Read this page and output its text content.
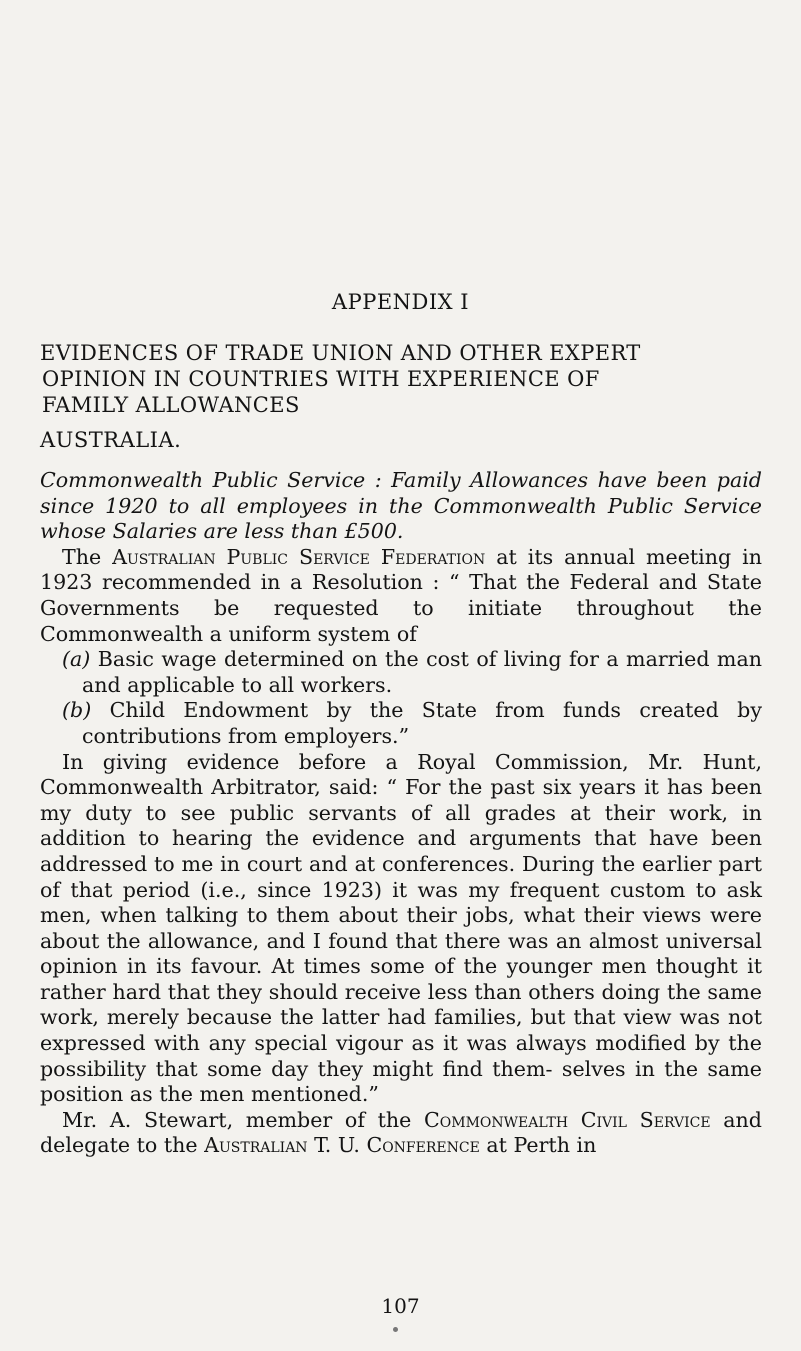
APPENDIX I
EVIDENCES OF TRADE UNION AND OTHER EXPERT
OPINION IN COUNTRIES WITH EXPERIENCE OF
FAMILY ALLOWANCES
AUSTRALIA.

Commonwealth Public Service : Family Allowances have been paid since 1920 to all employees in the Commonwealth Public Service whose Salaries are less than £500.

The Australian Public Service Federation at its annual meeting in 1923 recommended in a Resolution : “ That the Federal and State Governments be requested to initiate throughout the Commonwealth a uniform system of

(a) Basic wage determined on the cost of living for a married man and applicable to all workers.

(b) Child Endowment by the State from funds created by contributions from employers.”

In giving evidence before a Royal Commission, Mr. Hunt, Commonwealth Arbitrator, said: “ For the past six years it has been my duty to see public servants of all grades at their work, in addition to hearing the evidence and arguments that have been addressed to me in court and at conferences. During the earlier part of that period (i.e., since 1923) it was my frequent custom to ask men, when talking to them about their jobs, what their views were about the allowance, and I found that there was an almost universal opinion in its favour. At times some of the younger men thought it rather hard that they should receive less than others doing the same work, merely because the latter had families, but that view was not expressed with any special vigour as it was always modified by the possibility that some day they might find them- selves in the same position as the men mentioned.”

Mr. A. Stewart, member of the Commonwealth Civil Service and delegate to the Australian T. U. Conference at Perth in

107
